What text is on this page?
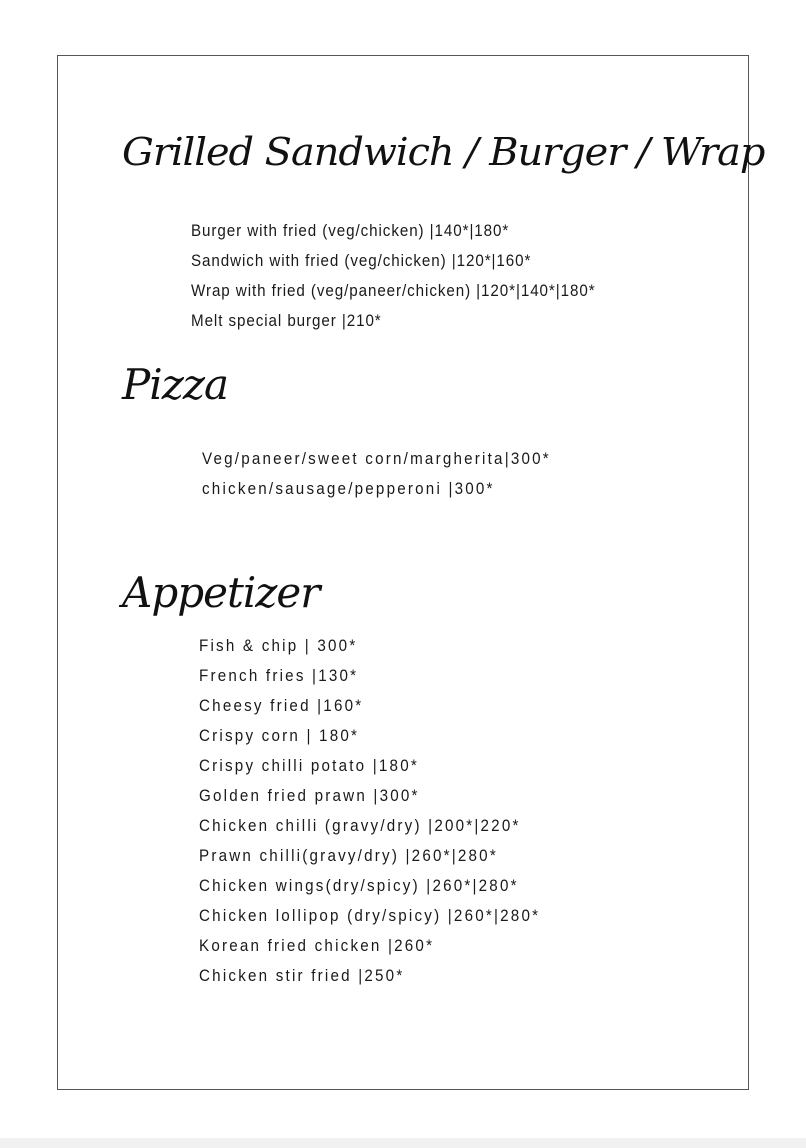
Grilled Sandwich / Burger / Wrap
Burger with fried (veg/chicken) |140*|180*
Sandwich with fried (veg/chicken) |120*|160*
Wrap with fried (veg/paneer/chicken) |120*|140*|180*
Melt special burger |210*
Pizza
Veg/paneer/sweet corn/margherita|300*
chicken/sausage/pepperoni |300*
Appetizer
Fish & chip | 300*
French fries |130*
Cheesy fried |160*
Crispy corn | 180*
Crispy chilli potato |180*
Golden fried prawn |300*
Chicken chilli (gravy/dry) |200*|220*
Prawn chilli(gravy/dry) |260*|280*
Chicken wings(dry/spicy) |260*|280*
Chicken lollipop (dry/spicy) |260*|280*
Korean fried chicken |260*
Chicken stir fried |250*
